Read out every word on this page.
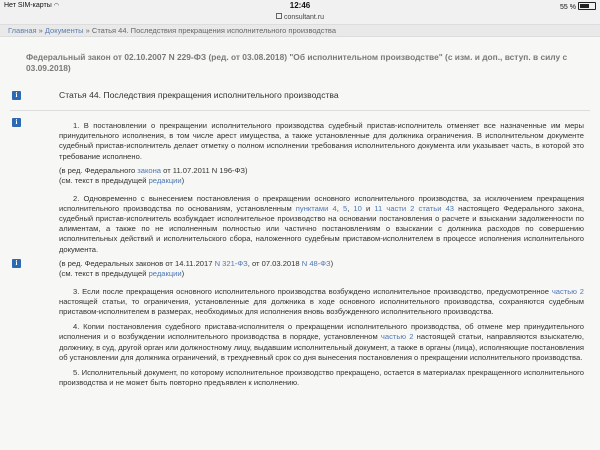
Нет SIM-карты ◠	12:46	55 %
consultant.ru
Главная » Документы » Статья 44. Последствия прекращения исполнительного производства
Федеральный закон от 02.10.2007 N 229-ФЗ (ред. от 03.08.2018) "Об исполнительном производстве" (с изм. и доп., вступ. в силу с 03.09.2018)
i	Статья 44. Последствия прекращения исполнительного производства
i	1. В постановлении о прекращении исполнительного производства судебный пристав-исполнитель отменяет все назначенные им меры принудительного исполнения, в том числе арест имущества, а также установленные для должника ограничения. В исполнительном документе судебный пристав-исполнитель делает отметку о полном исполнении требования исполнительного документа или указывает часть, в которой это требование исполнено.
(в ред. Федерального закона от 11.07.2011 N 196-ФЗ)
(см. текст в предыдущей редакции)
2. Одновременно с вынесением постановления о прекращении основного исполнительного производства, за исключением прекращения исполнительного производства по основаниям, установленным пунктами 4, 5, 10 и 11 части 2 статьи 43 настоящего Федерального закона, судебный пристав-исполнитель возбуждает исполнительное производство на основании постановления о расчете и взыскании задолженности по алиментам, а также по не исполненным полностью или частично постановлениям о взыскании с должника расходов по совершению исполнительных действий и исполнительского сбора, наложенного судебным приставом-исполнителем в процессе исполнения исполнительного документа.
i	(в ред. Федеральных законов от 14.11.2017 N 321-ФЗ, от 07.03.2018 N 48-ФЗ)
(см. текст в предыдущей редакции)
3. Если после прекращения основного исполнительного производства возбуждено исполнительное производство, предусмотренное частью 2 настоящей статьи, то ограничения, установленные для должника в ходе основного исполнительного производства, сохраняются судебным приставом-исполнителем в размерах, необходимых для исполнения вновь возбужденного исполнительного производства.
4. Копии постановления судебного пристава-исполнителя о прекращении исполнительного производства, об отмене мер принудительного исполнения и о возбуждении исполнительного производства в порядке, установленном частью 2 настоящей статьи, направляются взыскателю, должнику, в суд, другой орган или должностному лицу, выдавшим исполнительный документ, а также в органы (лица), исполняющие постановления об установлении для должника ограничений, в трехдневный срок со дня вынесения постановления о прекращении исполнительного производства.
5. Исполнительный документ, по которому исполнительное производство прекращено, остается в материалах прекращенного исполнительного производства и не может быть повторно предъявлен к исполнению.
